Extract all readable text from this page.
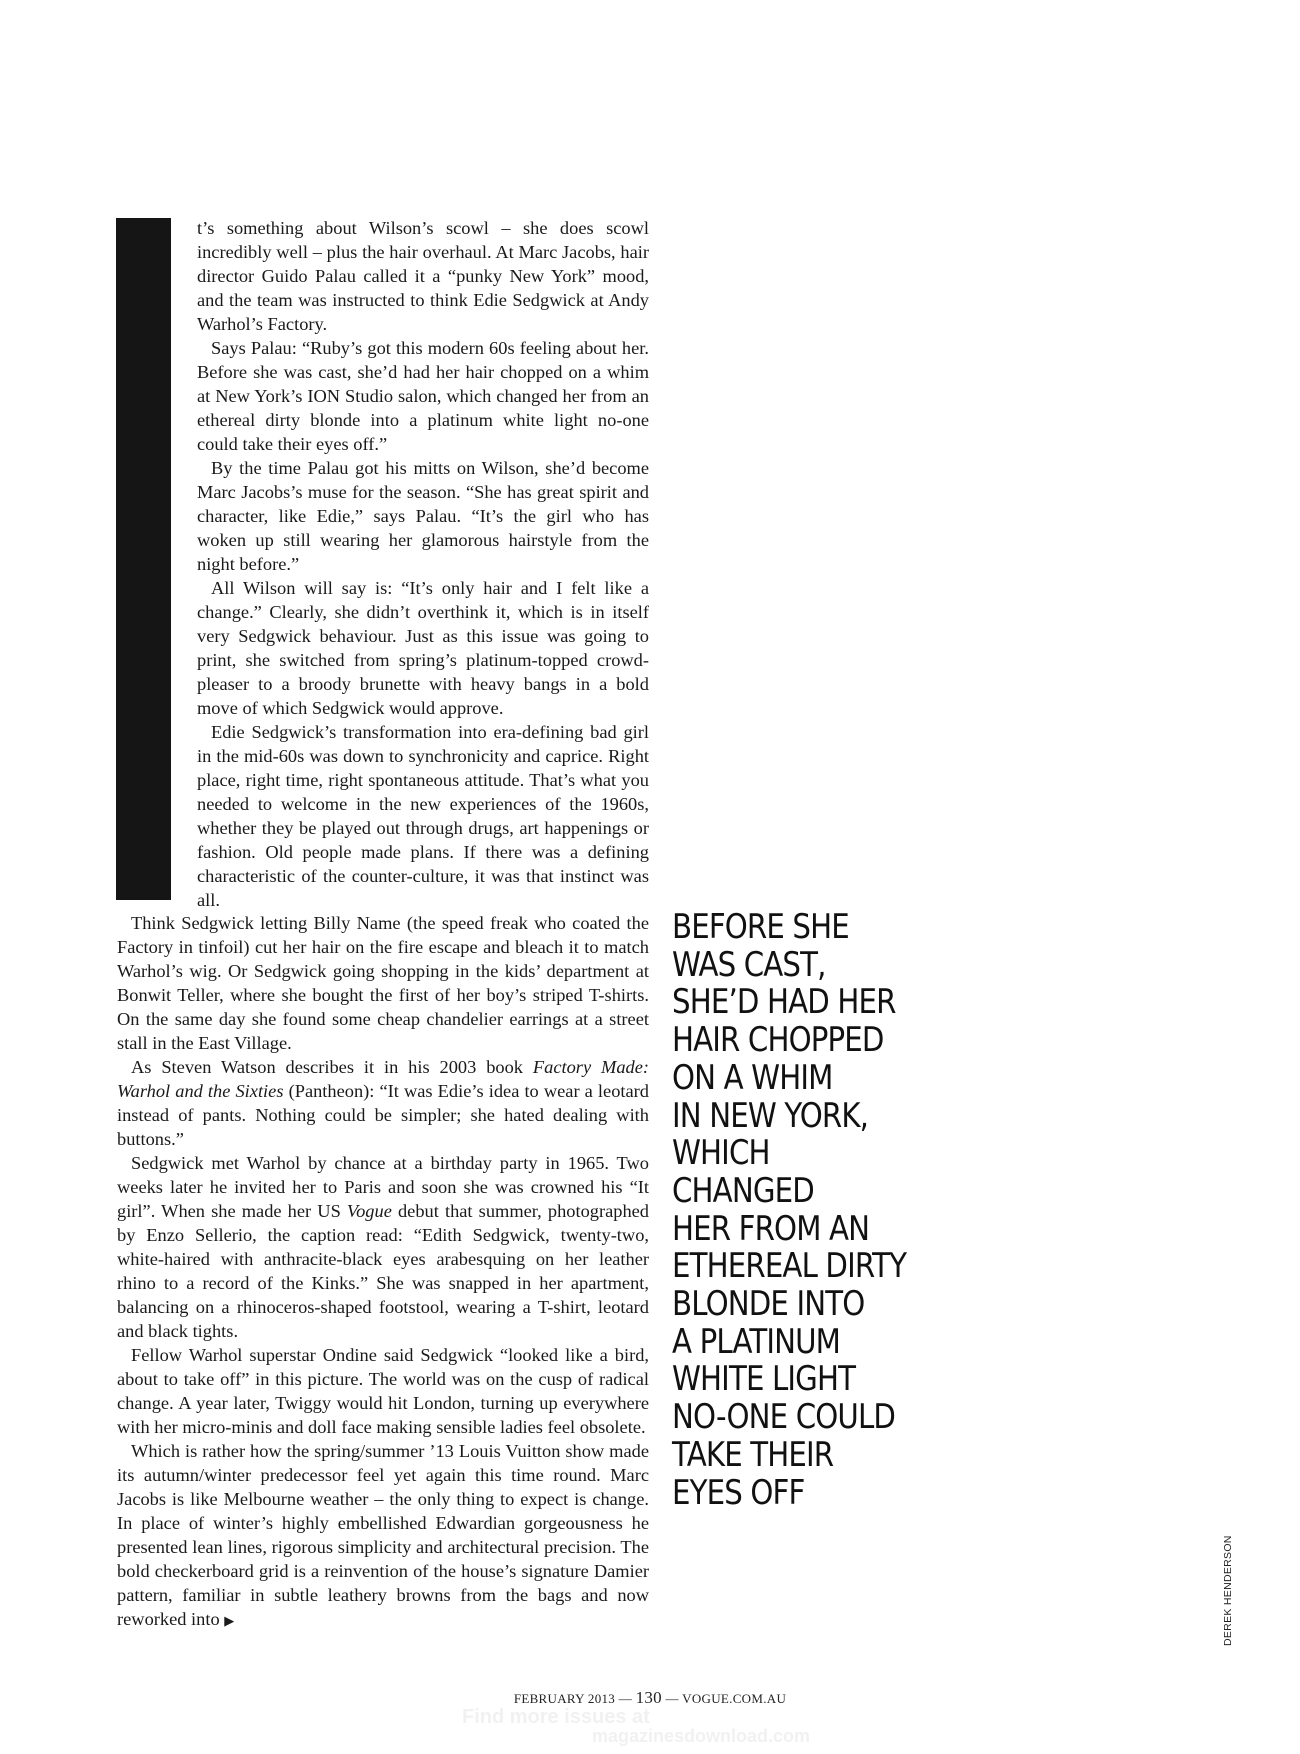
t’s something about Wilson’s scowl – she does scowl incredibly well – plus the hair overhaul. At Marc Jacobs, hair director Guido Palau called it a “punky New York” mood, and the team was instructed to think Edie Sedgwick at Andy Warhol’s Factory.

Says Palau: “Ruby’s got this modern 60s feeling about her. Before she was cast, she’d had her hair chopped on a whim at New York’s ION Studio salon, which changed her from an ethereal dirty blonde into a platinum white light no-one could take their eyes off.”

By the time Palau got his mitts on Wilson, she’d become Marc Jacobs’s muse for the season. “She has great spirit and character, like Edie,” says Palau. “It’s the girl who has woken up still wearing her glamorous hairstyle from the night before.”

All Wilson will say is: “It’s only hair and I felt like a change.” Clearly, she didn’t overthink it, which is in itself very Sedgwick behaviour. Just as this issue was going to print, she switched from spring’s platinum-topped crowd-pleaser to a broody brunette with heavy bangs in a bold move of which Sedgwick would approve.

Edie Sedgwick’s transformation into era-defining bad girl in the mid-60s was down to synchronicity and caprice. Right place, right time, right spontaneous attitude. That’s what you needed to welcome in the new experiences of the 1960s, whether they be played out through drugs, art happenings or fashion. Old people made plans. If there was a defining characteristic of the counter-culture, it was that instinct was all.

Think Sedgwick letting Billy Name (the speed freak who coated the Factory in tinfoil) cut her hair on the fire escape and bleach it to match Warhol’s wig. Or Sedgwick going shopping in the kids’ department at Bonwit Teller, where she bought the first of her boy’s striped T-shirts. On the same day she found some cheap chandelier earrings at a street stall in the East Village.

As Steven Watson describes it in his 2003 book Factory Made: Warhol and the Sixties (Pantheon): “It was Edie’s idea to wear a leotard instead of pants. Nothing could be simpler; she hated dealing with buttons.”

Sedgwick met Warhol by chance at a birthday party in 1965. Two weeks later he invited her to Paris and soon she was crowned his “It girl”. When she made her US Vogue debut that summer, photographed by Enzo Sellerio, the caption read: “Edith Sedgwick, twenty-two, white-haired with anthracite-black eyes arabesquing on her leather rhino to a record of the Kinks.” She was snapped in her apartment, balancing on a rhinoceros-shaped footstool, wearing a T-shirt, leotard and black tights.

Fellow Warhol superstar Ondine said Sedgwick “looked like a bird, about to take off” in this picture. The world was on the cusp of radical change. A year later, Twiggy would hit London, turning up everywhere with her micro-minis and doll face making sensible ladies feel obsolete.

Which is rather how the spring/summer ’13 Louis Vuitton show made its autumn/winter predecessor feel yet again this time round. Marc Jacobs is like Melbourne weather – the only thing to expect is change. In place of winter’s highly embellished Edwardian gorgeousness he presented lean lines, rigorous simplicity and architectural precision. The bold checkerboard grid is a reinvention of the house’s signature Damier pattern, familiar in subtle leathery browns from the bags and now reworked into ▶

BEFORE SHE
WAS CAST,
SHE’D HAD HER
HAIR CHOPPED
ON A WHIM
IN NEW YORK,
WHICH
CHANGED
HER FROM AN
ETHEREAL DIRTY
BLONDE INTO
A PLATINUM
WHITE LIGHT
NO-ONE COULD
TAKE THEIR
EYES OFF
DEREK HENDERSON
FEBRUARY 2013 — 130 — VOGUE.COM.AU
Find more issues at
magazinesdownload.com
